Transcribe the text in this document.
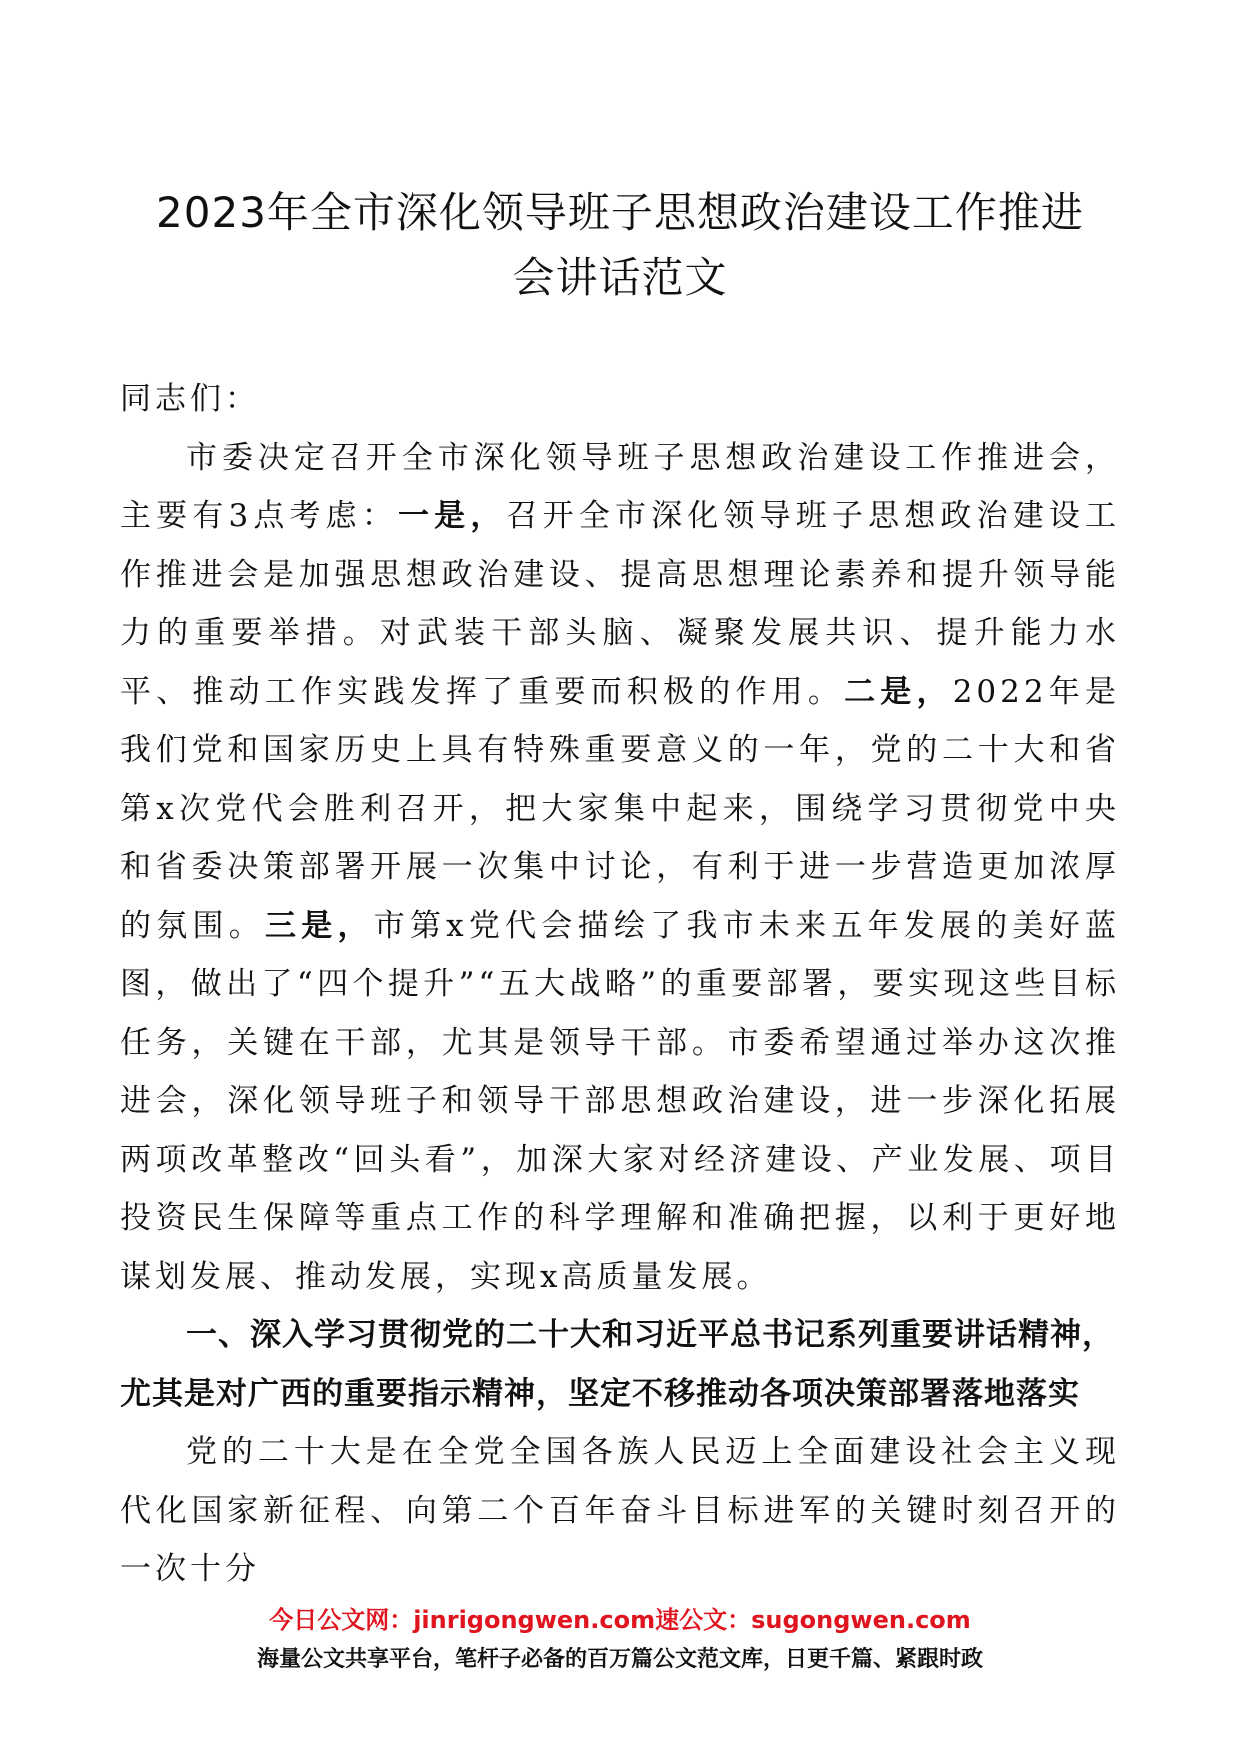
2023年全市深化领导班子思想政治建设工作推进
会讲话范文

同志们：

市委决定召开全市深化领导班子思想政治建设工作推进会，主要有3点考虑：一是，召开全市深化领导班子思想政治建设工作推进会是加强思想政治建设、提高思想理论素养和提升领导能力的重要举措。对武装干部头脑、凝聚发展共识、提升能力水平、推动工作实践发挥了重要而积极的作用。二是，2022年是我们党和国家历史上具有特殊重要意义的一年，党的二十大和省第x次党代会胜利召开，把大家集中起来，围绕学习贯彻党中央和省委决策部署开展一次集中讨论，有利于进一步营造更加浓厚的氛围。三是，市第x党代会描绘了我市未来五年发展的美好蓝图，做出了“四个提升”“五大战略”的重要部署，要实现这些目标任务，关键在干部，尤其是领导干部。市委希望通过举办这次推进会，深化领导班子和领导干部思想政治建设，进一步深化拓展两项改革整改“回头看”，加深大家对经济建设、产业发展、项目投资民生保障等重点工作的科学理解和准确把握，以利于更好地谋划发展、推动发展，实现x高质量发展。

一、深入学习贯彻党的二十大和习近平总书记系列重要讲话精神，尤其是对广西的重要指示精神，坚定不移推动各项决策部署落地落实

党的二十大是在全党全国各族人民迈上全面建设社会主义现代化国家新征程、向第二个百年奋斗目标进军的关键时刻召开的一次十分

今日公文网：jinrigongwen.com速公文：sugongwen.com
海量公文共享平台，笔杆子必备的百万篇公文范文库，日更千篇、紧跟时政
